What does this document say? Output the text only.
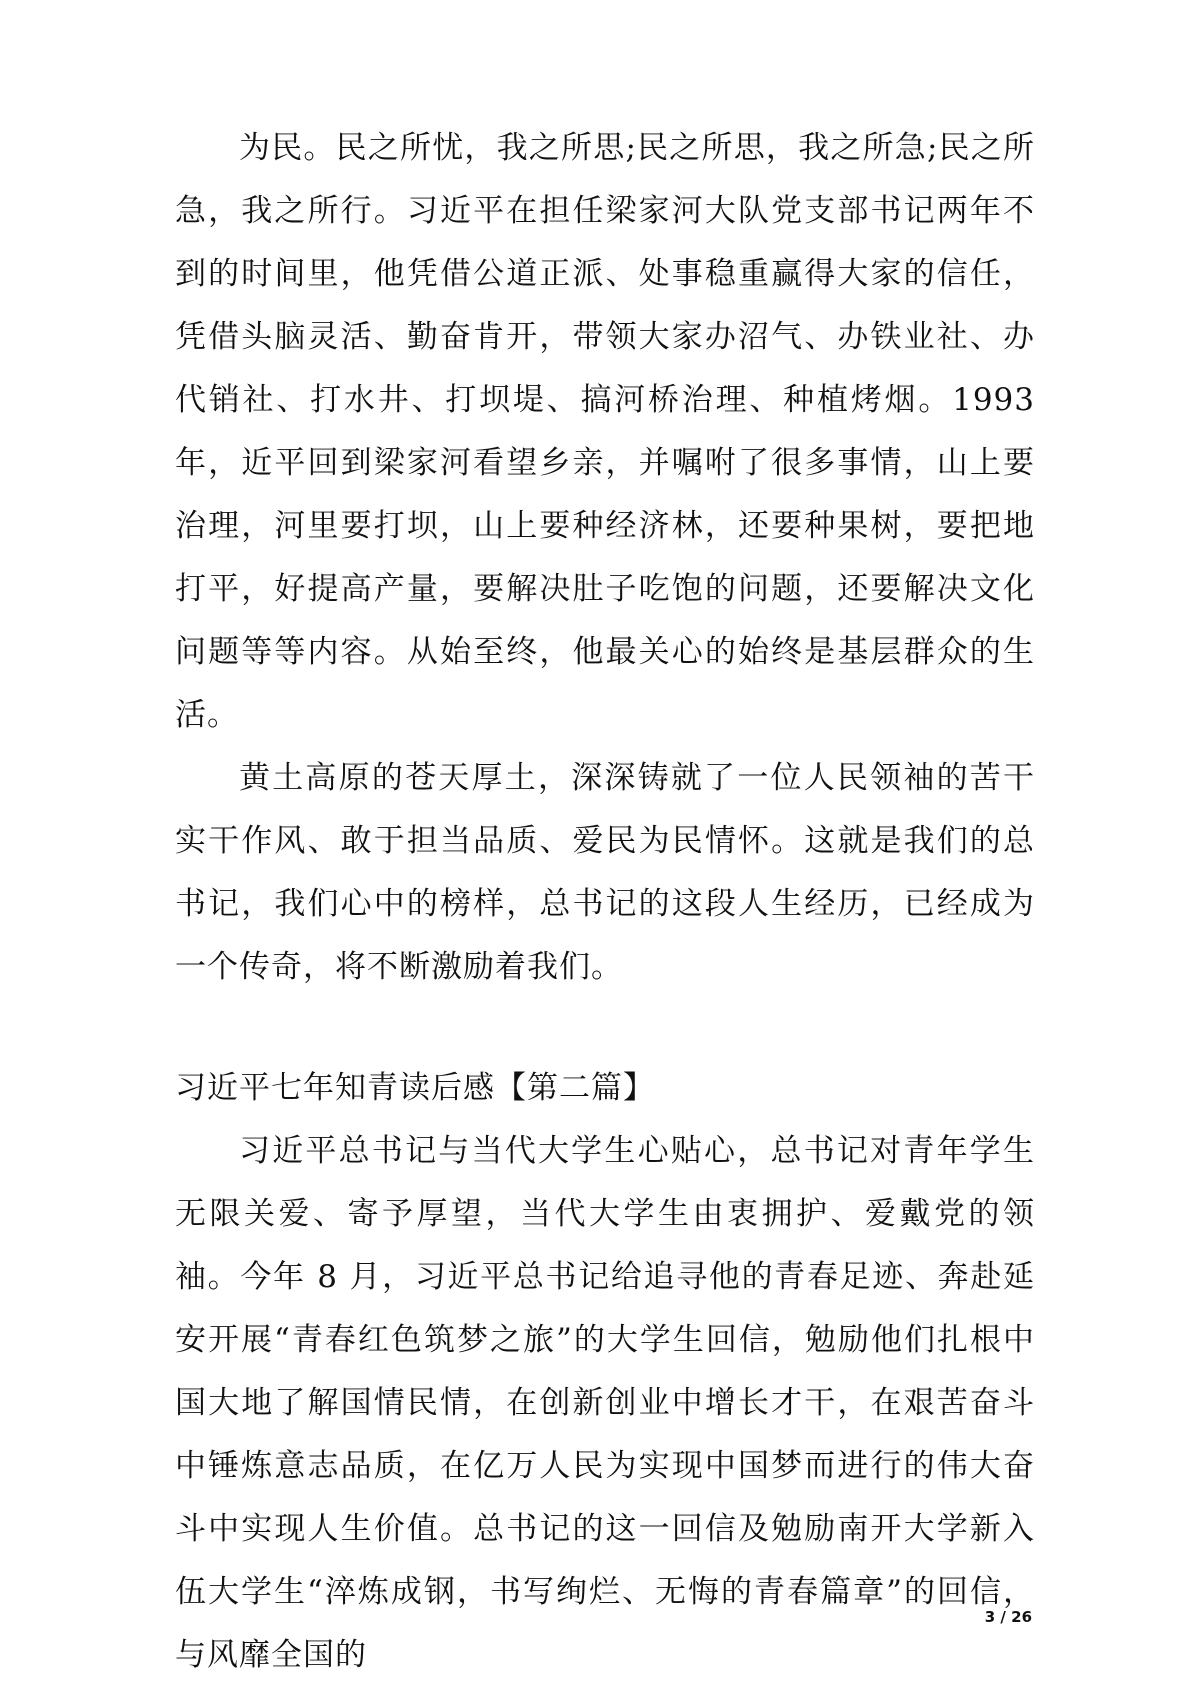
为民。民之所忧，我之所思;民之所思，我之所急;民之所急，我之所行。习近平在担任梁家河大队党支部书记两年不到的时间里，他凭借公道正派、处事稳重赢得大家的信任，凭借头脑灵活、勤奋肯开，带领大家办沼气、办铁业社、办代销社、打水井、打坝堤、搞河桥治理、种植烤烟。1993 年，近平回到梁家河看望乡亲，并嘱咐了很多事情，山上要治理，河里要打坝，山上要种经济林，还要种果树，要把地打平，好提高产量，要解决肚子吃饱的问题，还要解决文化问题等等内容。从始至终，他最关心的始终是基层群众的生活。

黄土高原的苍天厚土，深深铸就了一位人民领袖的苦干实干作风、敢于担当品质、爱民为民情怀。这就是我们的总书记，我们心中的榜样，总书记的这段人生经历，已经成为一个传奇，将不断激励着我们。

习近平七年知青读后感【第二篇】

习近平总书记与当代大学生心贴心，总书记对青年学生无限关爱、寄予厚望，当代大学生由衷拥护、爱戴党的领袖。今年 8 月，习近平总书记给追寻他的青春足迹、奔赴延安开展“青春红色筑梦之旅”的大学生回信，勉励他们扎根中国大地了解国情民情，在创新创业中增长才干，在艰苦奋斗中锤炼意志品质，在亿万人民为实现中国梦而进行的伟大奋斗中实现人生价值。总书记的这一回信及勉励南开大学新入伍大学生“淬炼成钢，书写绚烂、无悔的青春篇章”的回信，与风靡全国的

3 / 26
